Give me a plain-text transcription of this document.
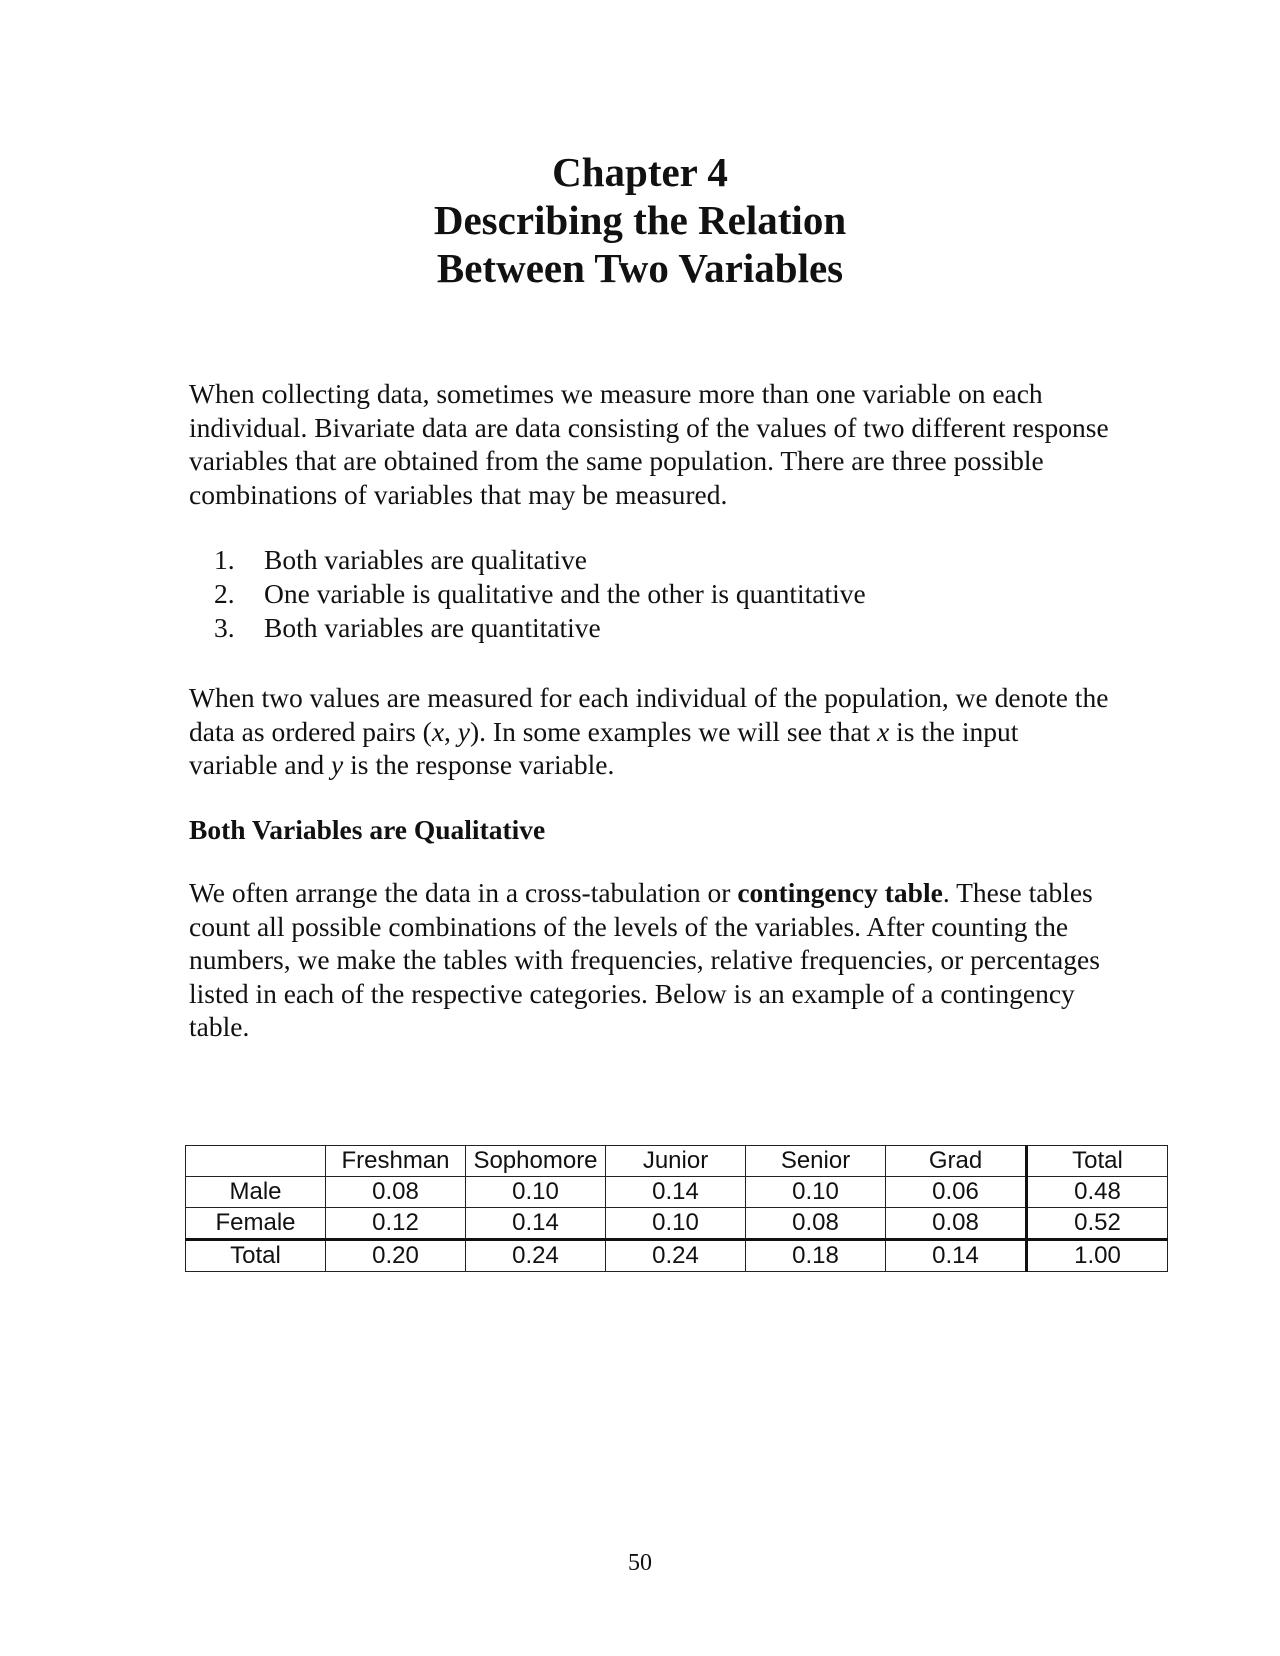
Chapter 4
Describing the Relation
Between Two Variables

When collecting data, sometimes we measure more than one variable on each individual. Bivariate data are data consisting of the values of two different response variables that are obtained from the same population. There are three possible combinations of variables that may be measured.

1.	Both variables are qualitative
2.	One variable is qualitative and the other is quantitative
3.	Both variables are quantitative

When two values are measured for each individual of the population, we denote the data as ordered pairs (x, y). In some examples we will see that x is the input variable and y is the response variable.

Both Variables are Qualitative

We often arrange the data in a cross-tabulation or contingency table. These tables count all possible combinations of the levels of the variables. After counting the numbers, we make the tables with frequencies, relative frequencies, or percentages listed in each of the respective categories. Below is an example of a contingency table.

	Freshman	Sophomore	Junior	Senior	Grad	Total
Male	0.08	0.10	0.14	0.10	0.06	0.48
Female	0.12	0.14	0.10	0.08	0.08	0.52
Total	0.20	0.24	0.24	0.18	0.14	1.00
50
